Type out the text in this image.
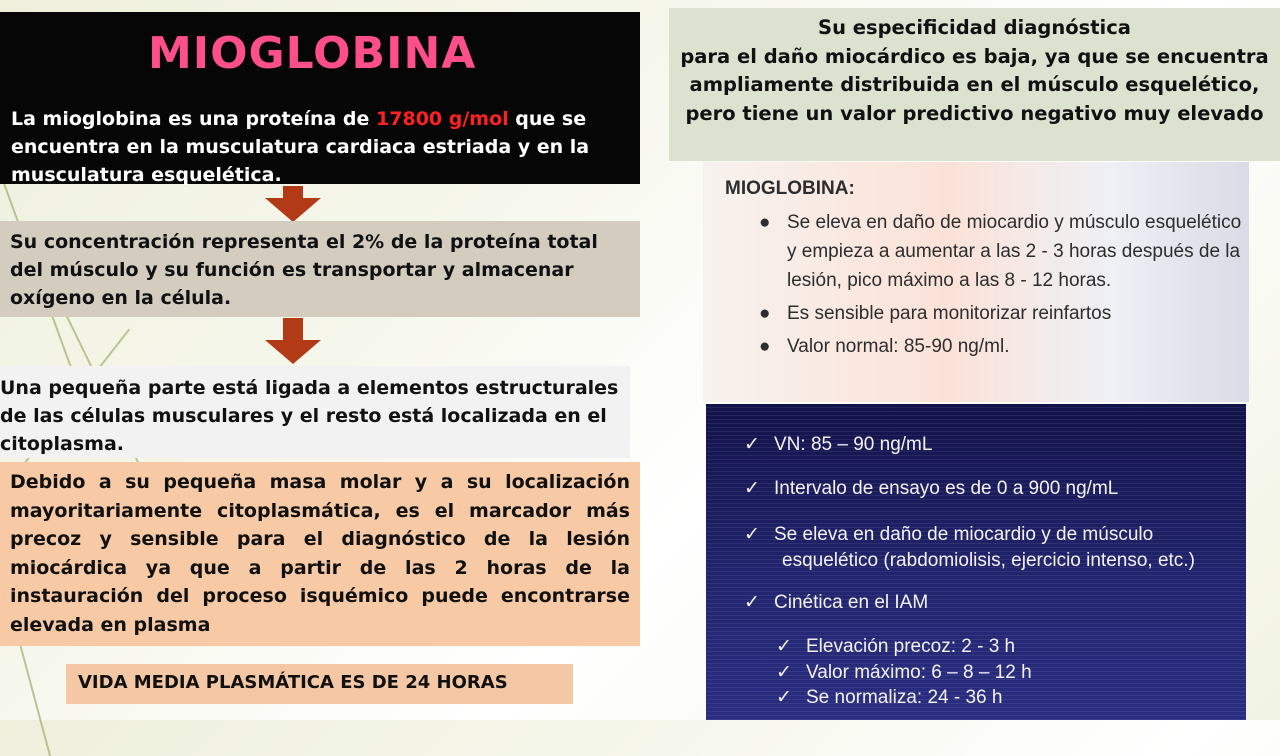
MIOGLOBINA
La mioglobina es una proteína de 17800 g/mol que se encuentra en la musculatura cardiaca estriada y en la musculatura esquelética.

Su concentración representa el 2% de la proteína total del músculo y su función es transportar y almacenar oxígeno en la célula.

Una pequeña parte está ligada a elementos estructurales de las células musculares y el resto está localizada en el citoplasma.

Debido a su pequeña masa molar y a su localización mayoritariamente citoplasmática, es el marcador más precoz y sensible para el diagnóstico de la lesión miocárdica ya que a partir de las 2 horas de la instauración del proceso isquémico puede encontrarse elevada en plasma

VIDA MEDIA PLASMÁTICA ES DE 24 HORAS

Su especificidad diagnóstica
para el daño miocárdico es baja, ya que se encuentra ampliamente distribuida en el músculo esquelético, pero tiene un valor predictivo negativo muy elevado

MIOGLOBINA:
● Se eleva en daño de miocardio y músculo esquelético y empieza a aumentar a las 2 - 3 horas después de la lesión, pico máximo a las 8 - 12 horas.
● Es sensible para monitorizar reinfartos
● Valor normal: 85-90 ng/ml.
✓ VN: 85 – 90 ng/mL
✓ Intervalo de ensayo es de 0 a 900 ng/mL
✓ Se eleva en daño de miocardio y de músculo
esquelético (rabdomiolisis, ejercicio intenso, etc.)
✓ Cinética en el IAM
✓ Elevación precoz: 2 - 3 h
✓ Valor máximo: 6 – 8 – 12 h
✓ Se normaliza: 24 - 36 h
